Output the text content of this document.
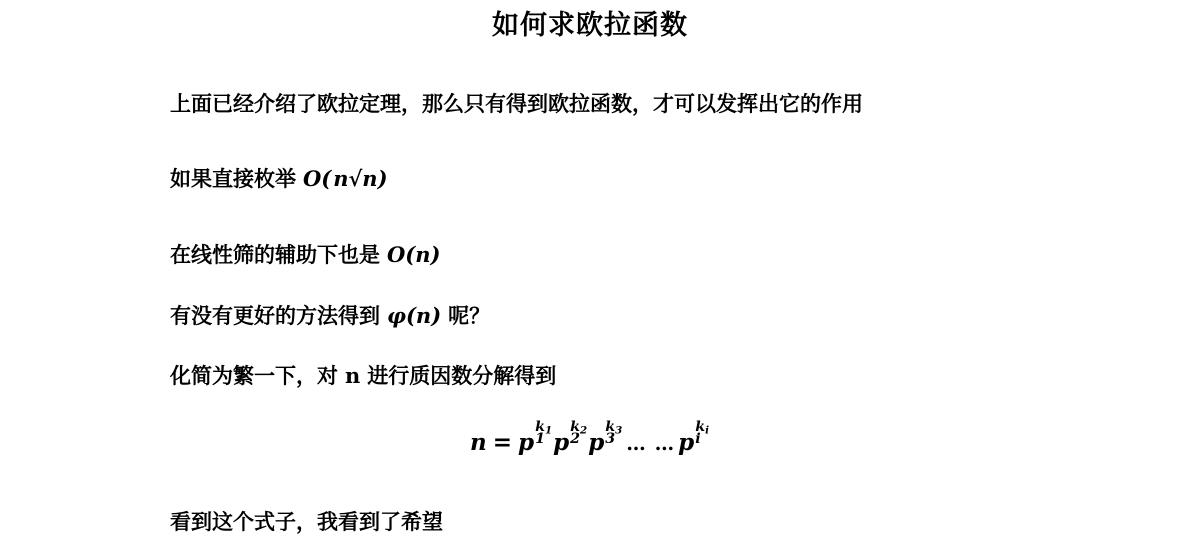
如何求欧拉函数

上面已经介绍了欧拉定理，那么只有得到欧拉函数，才可以发挥出它的作用

如果直接枚举 O(n√n)

在线性筛的辅助下也是 O(n)

有没有更好的方法得到 φ(n) 呢？

化简为繁一下，对 n 进行质因数分解得到

n = p
$k_1$
1 p
$k_2$
2 p
$k_3$
3 … … p
$k_i$
i

看到这个式子，我看到了希望
